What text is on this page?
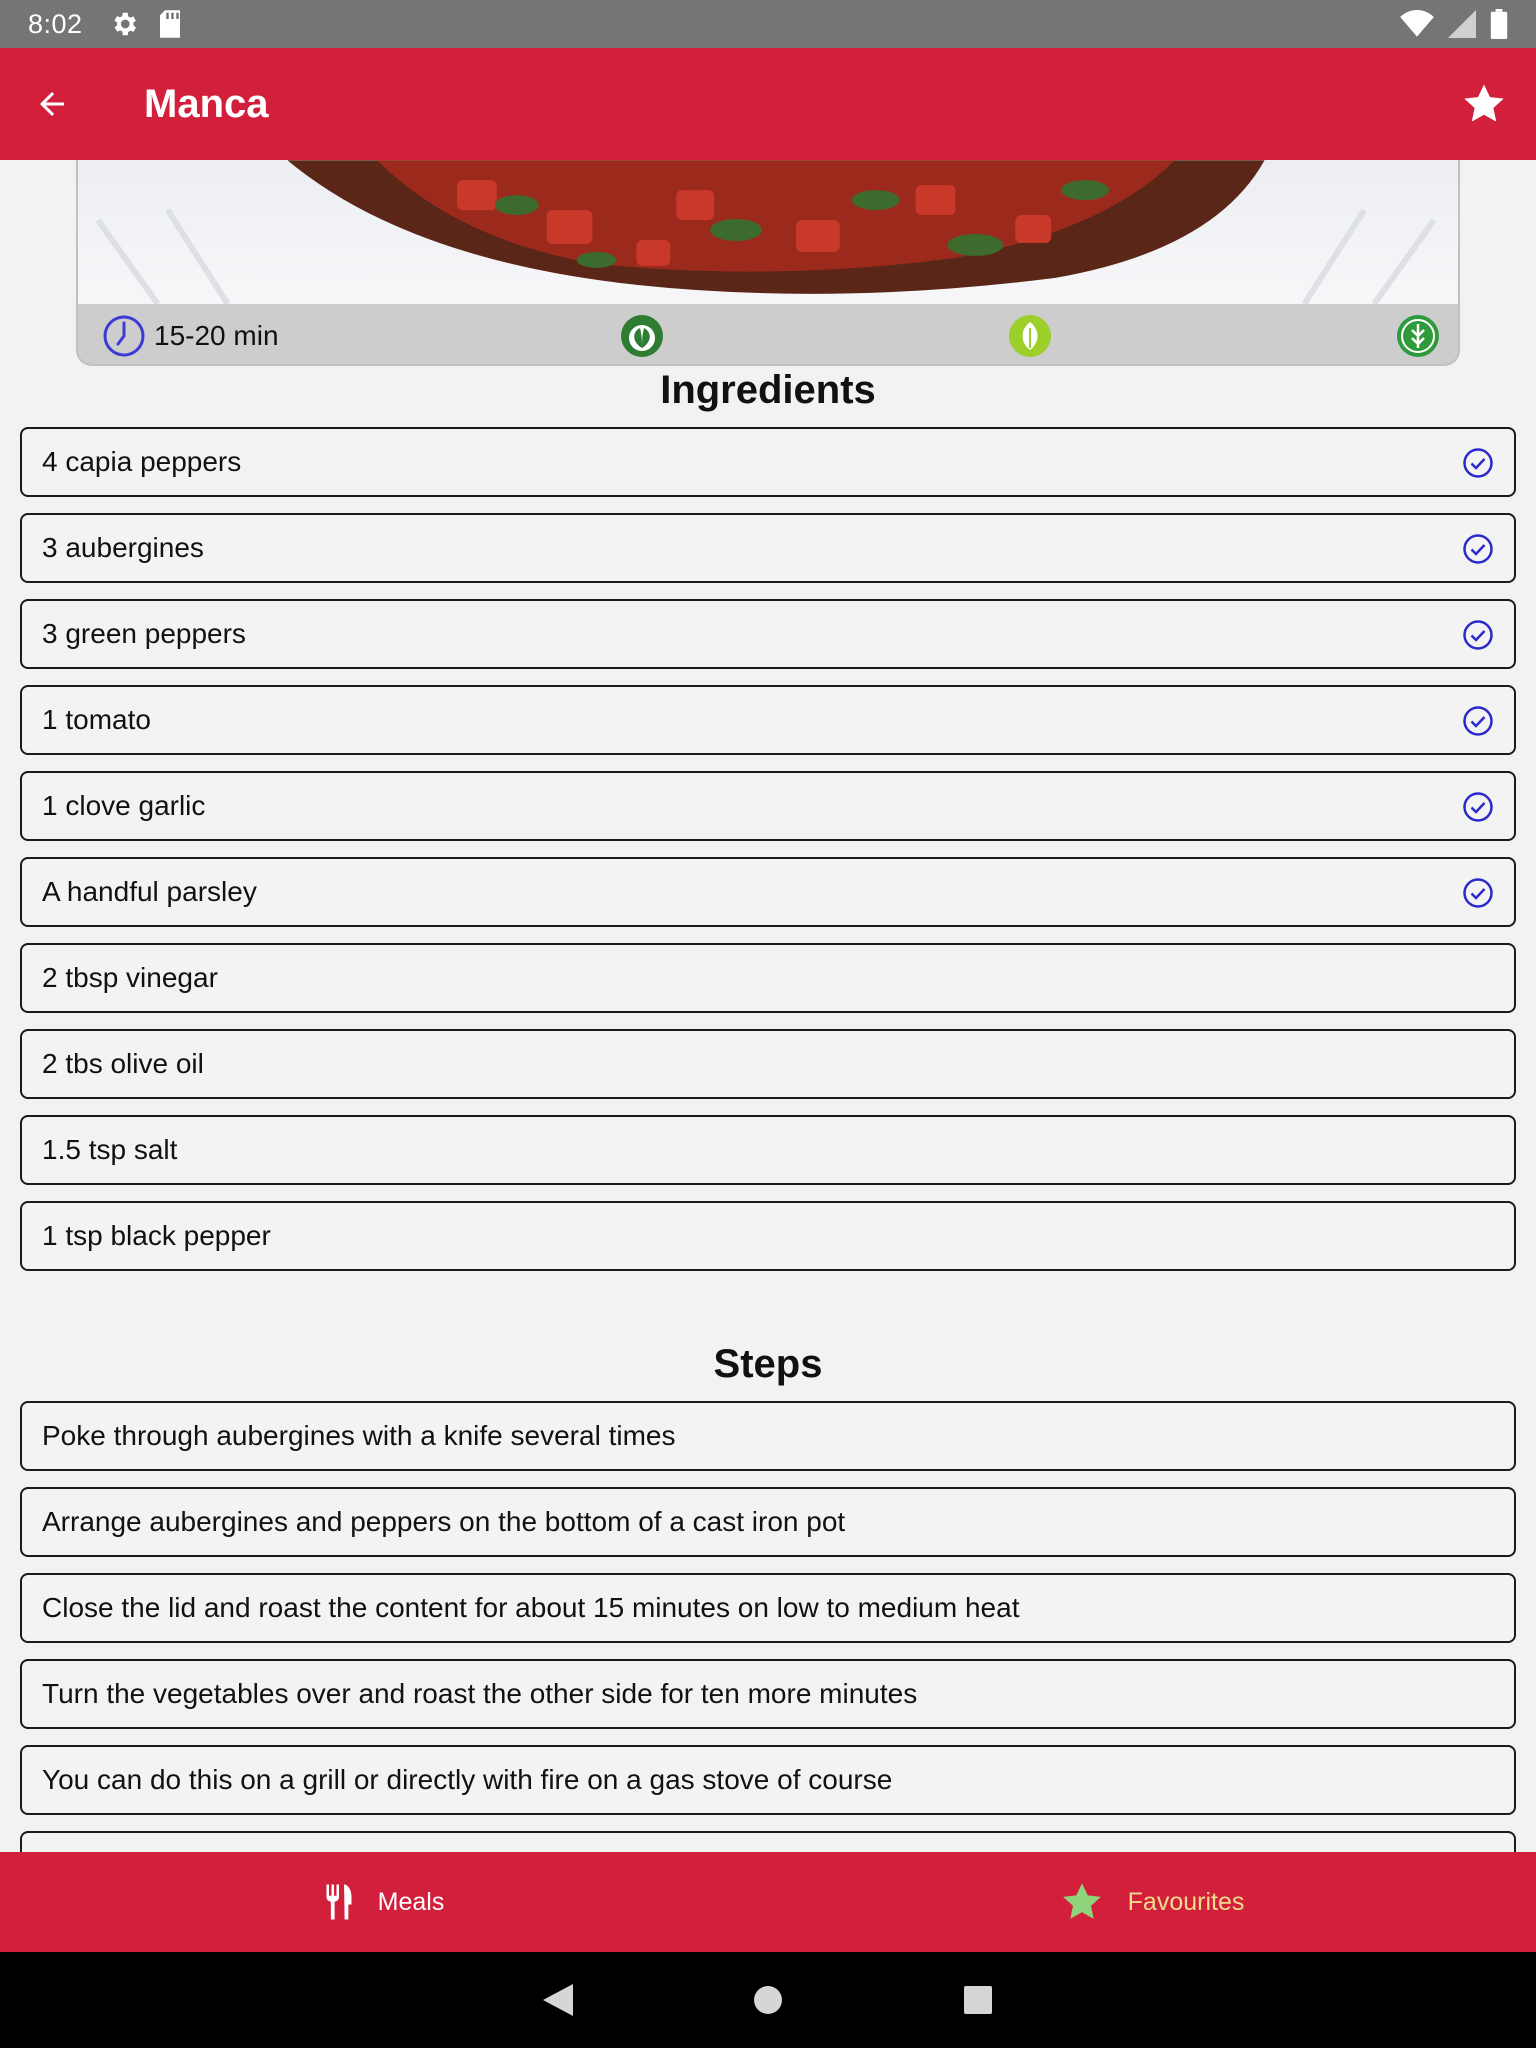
8:02
Manca
15-20 min
Ingredients
4 capia peppers
3 aubergines
3 green peppers
1 tomato
1 clove garlic
A handful parsley
2 tbsp vinegar
2 tbs olive oil
1.5 tsp salt
1 tsp black pepper
Steps
Poke through aubergines with a knife several times
Arrange aubergines and peppers on the bottom of a cast iron pot
Close the lid and roast the content for about 15 minutes on low to medium heat
Turn the vegetables over and roast the other side for ten more minutes
You can do this on a grill or directly with fire on a gas stove of course
Meals	Favourites
